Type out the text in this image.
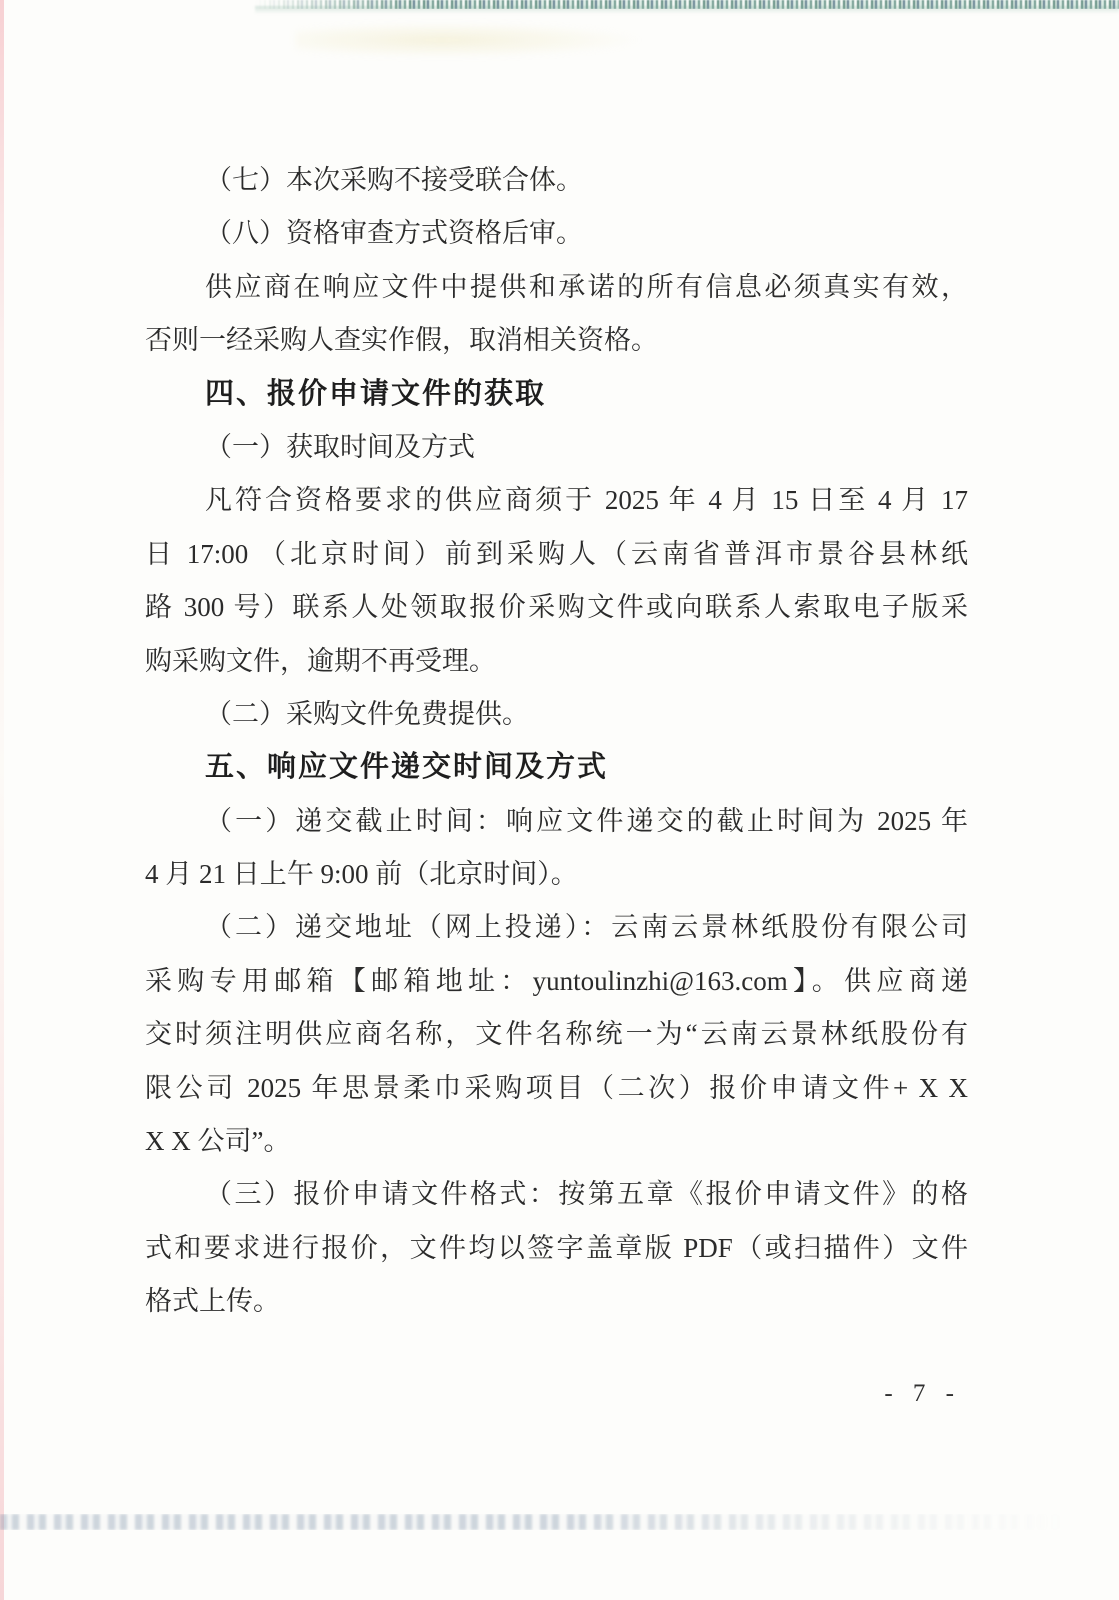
（七）本次采购不接受联合体。
（八）资格审查方式资格后审。
供应商在响应文件中提供和承诺的所有信息必须真实有效，
否则一经采购人查实作假，取消相关资格。
四、报价申请文件的获取
（一）获取时间及方式
凡符合资格要求的供应商须于 2025 年 4 月 15 日至 4 月 17
日 17:00 （北京时间）前到采购人（云南省普洱市景谷县林纸
路 300 号）联系人处领取报价采购文件或向联系人索取电子版采
购采购文件，逾期不再受理。
（二）采购文件免费提供。
五、响应文件递交时间及方式
（一）递交截止时间：响应文件递交的截止时间为 2025 年
4 月 21 日上午 9:00 前（北京时间）。
（二）递交地址（网上投递）：云南云景林纸股份有限公司
采购专用邮箱【邮箱地址：yuntoulinzhi@163.com】。供应商递
交时须注明供应商名称，文件名称统一为“云南云景林纸股份有
限公司 2025 年思景柔巾采购项目（二次）报价申请文件+ X X
X X 公司”。
（三）报价申请文件格式：按第五章《报价申请文件》的格
式和要求进行报价，文件均以签字盖章版 PDF（或扫描件）文件
格式上传。
- 7 -
